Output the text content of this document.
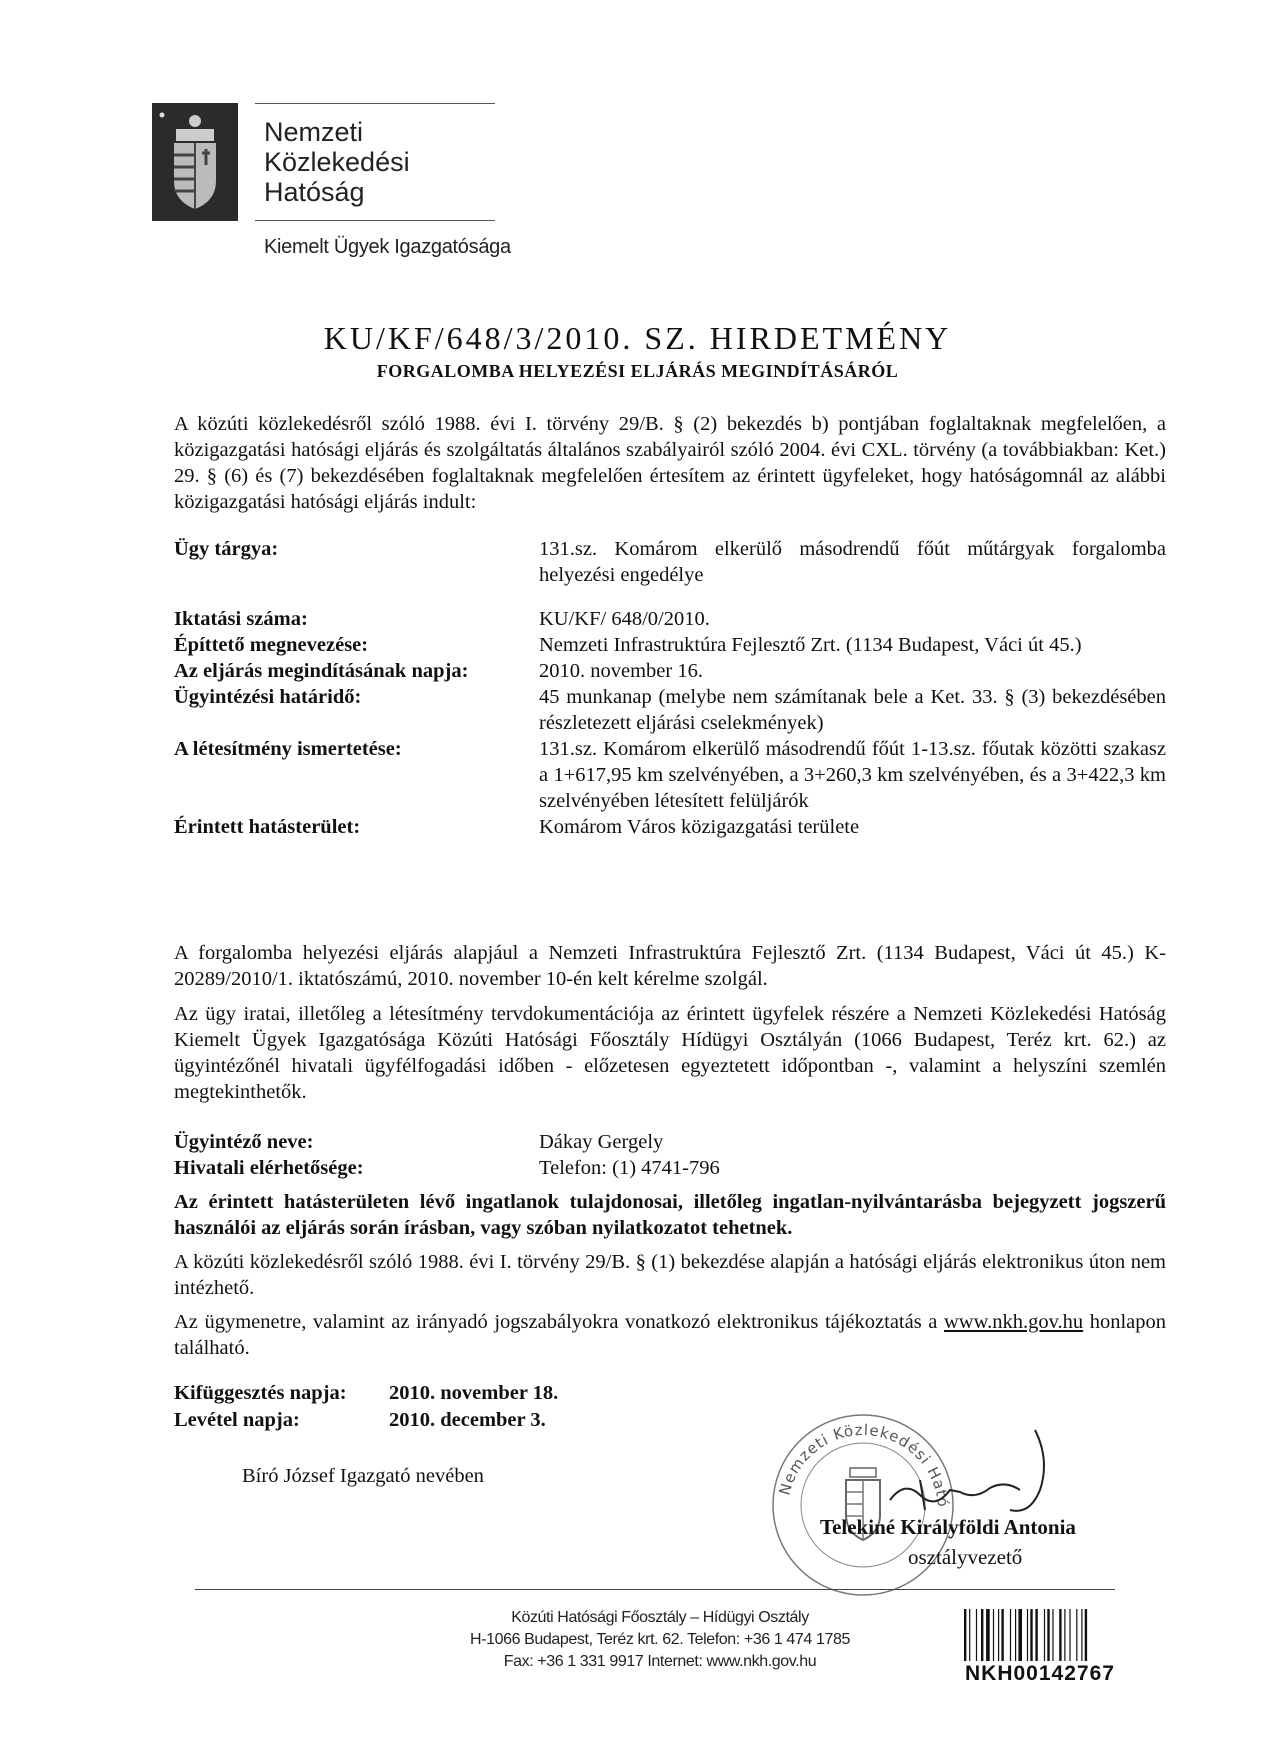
Nemzeti
Közlekedési
Hatóság
Kiemelt Ügyek Igazgatósága
KU/KF/648/3/2010. SZ. HIRDETMÉNY
FORGALOMBA HELYEZÉSI ELJÁRÁS MEGINDÍTÁSÁRÓL
A közúti közlekedésről szóló 1988. évi I. törvény 29/B. § (2) bekezdés b) pontjában foglaltaknak megfelelően, a közigazgatási hatósági eljárás és szolgáltatás általános szabályairól szóló 2004. évi CXL. törvény (a továbbiakban: Ket.) 29. § (6) és (7) bekezdésében foglaltaknak megfelelően értesítem az érintett ügyfeleket, hogy hatóságomnál az alábbi közigazgatási hatósági eljárás indult:
Ügy tárgya:	131.sz. Komárom elkerülő másodrendű főút műtárgyak forgalomba helyezési engedélye
Iktatási száma:	KU/KF/ 648/0/2010.
Építtető megnevezése:	Nemzeti Infrastruktúra Fejlesztő Zrt. (1134 Budapest, Váci út 45.)
Az eljárás megindításának napja:	2010. november 16.
Ügyintézési határidő:	45 munkanap (melybe nem számítanak bele a Ket. 33. § (3) bekezdésében részletezett eljárási cselekmények)
A létesítmény ismertetése:	131.sz. Komárom elkerülő másodrendű főút 1-13.sz. főutak közötti szakasz a 1+617,95 km szelvényében, a 3+260,3 km szelvényében, és a 3+422,3 km szelvényében létesített felüljárók
Érintett hatásterület:	Komárom Város közigazgatási területe
A forgalomba helyezési eljárás alapjául a Nemzeti Infrastruktúra Fejlesztő Zrt. (1134 Budapest, Váci út 45.) K-20289/2010/1. iktatószámú, 2010. november 10-én kelt kérelme szolgál.
Az ügy iratai, illetőleg a létesítmény tervdokumentációja az érintett ügyfelek részére a Nemzeti Közlekedési Hatóság Kiemelt Ügyek Igazgatósága Közúti Hatósági Főosztály Hídügyi Osztályán (1066 Budapest, Teréz krt. 62.) az ügyintézőnél hivatali ügyfélfogadási időben - előzetesen egyeztetett időpontban -, valamint a helyszíni szemlén megtekinthetők.
Ügyintéző neve:	Dákay Gergely
Hivatali elérhetősége:	Telefon: (1) 4741-796
Az érintett hatásterületen lévő ingatlanok tulajdonosai, illetőleg ingatlan-nyilvántarásba bejegyzett jogszerű használói az eljárás során írásban, vagy szóban nyilatkozatot tehetnek.
A közúti közlekedésről szóló 1988. évi I. törvény 29/B. § (1) bekezdése alapján a hatósági eljárás elektronikus úton nem intézhető.
Az ügymenetre, valamint az irányadó jogszabályokra vonatkozó elektronikus tájékoztatás a www.nkh.gov.hu honlapon található.
Kifüggesztés napja:	2010. november 18.
Levétel napja:	2010. december 3.
Bíró József Igazgató nevében
Nemzeti Közlekedési Ható
Telekiné Királyföldi Antonia
osztályvezető
Közúti Hatósági Főosztály – Hídügyi Osztály
H-1066 Budapest, Teréz krt. 62. Telefon: +36 1 474 1785
Fax: +36 1 331 9917 Internet: www.nkh.gov.hu
NKH00142767
